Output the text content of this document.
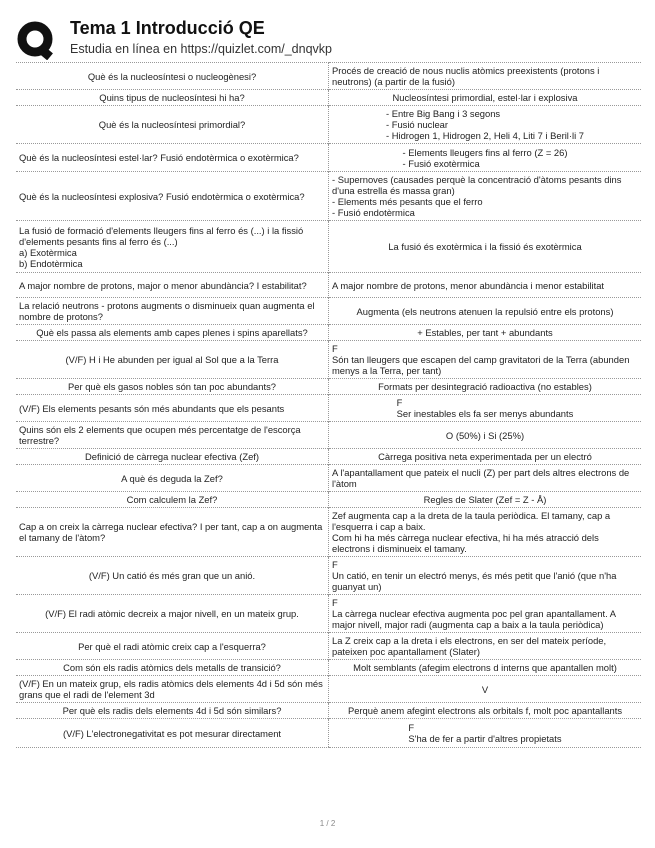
Tema 1 Introducció QE
Estudia en línea en https://quizlet.com/_dnqvkp
Què és la nucleosíntesi o nucleogènesi?	Procés de creació de nous nuclis atòmics preexistents (protons i neutrons) (a partir de la fusió)
Quins tipus de nucleosíntesi hi ha?	Nucleosíntesi primordial, estel·lar i explosiva
Què és la nucleosíntesi primordial?	- Entre Big Bang i 3 segons
- Fusió nuclear
- Hidrogen 1, Hidrogen 2, Heli 4, Liti 7 i Beril·li 7
Què és la nucleosíntesi estel·lar? Fusió endotèrmica o exotèrmica?	- Elements lleugers fins al ferro (Z = 26)
- Fusió exotèrmica
Què és la nucleosíntesi explosiva? Fusió endotèrmica o exotèrmica?	- Supernoves (causades perquè la concentració d'àtoms pesants dins d'una estrella és massa gran)
- Elements més pesants que el ferro
- Fusió endotèrmica
La fusió de formació d'elements lleugers fins al ferro és (...) i la fissió d'elements pesants fins al ferro és (...)
a) Exotèrmica
b) Endotèrmica	La fusió és exotèrmica i la fissió és exotèrmica
A major nombre de protons, major o menor abundància? I estabilitat?	A major nombre de protons, menor abundància i menor estabilitat
La relació neutrons - protons augments o disminueix quan augmenta el nombre de protons?	Augmenta (els neutrons atenuen la repulsió entre els protons)
Què els passa als elements amb capes plenes i spins aparellats?	+ Estables, per tant + abundants
(V/F) H i He abunden per igual al Sol que a la Terra	F
Són tan lleugers que escapen del camp gravitatori de la Terra (abunden menys a la Terra, per tant)
Per què els gasos nobles són tan poc abundants?	Formats per desintegració radioactiva (no estables)
(V/F) Els elements pesants són més abundants que els pesants	F
Ser inestables els fa ser menys abundants
Quins són els 2 elements que ocupen més percentatge de l'escorça terrestre?	O (50%) i Si (25%)
Definició de càrrega nuclear efectiva (Zef)	Càrrega positiva neta experimentada per un electró
A què és deguda la Zef?	A l'apantallament que pateix el nucli (Z) per part dels altres electrons de l'àtom
Com calculem la Zef?	Regles de Slater (Zef = Z - Å)
Cap a on creix la càrrega nuclear efectiva? I per tant, cap a on augmenta el tamany de l'àtom?	Zef augmenta cap a la dreta de la taula periòdica. El tamany, cap a l'esquerra i cap a baix.
Com hi ha més càrrega nuclear efectiva, hi ha més atracció dels electrons i disminueix el tamany.
(V/F) Un catió és més gran que un anió.	F
Un catió, en tenir un electró menys, és més petit que l'anió (que n'ha guanyat un)
(V/F) El radi atòmic decreix a major nivell, en un mateix grup.	F
La càrrega nuclear efectiva augmenta poc pel gran apantallament. A major nivell, major radi (augmenta cap a baix a la taula periòdica)
Per què el radi atòmic creix cap a l'esquerra?	La Z creix cap a la dreta i els electrons, en ser del mateix període, pateixen poc apantallament (Slater)
Com són els radis atòmics dels metalls de transició?	Molt semblants (afegim electrons d interns que apantallen molt)
(V/F) En un mateix grup, els radis atòmics dels elements 4d i 5d són més grans que el radi de l'element 3d	V
Per què els radis dels elements 4d i 5d són similars?	Perquè anem afegint electrons als orbitals f, molt poc apantallants
(V/F) L'electronegativitat es pot mesurar directament	F
S'ha de fer a partir d'altres propietats
1 / 2
